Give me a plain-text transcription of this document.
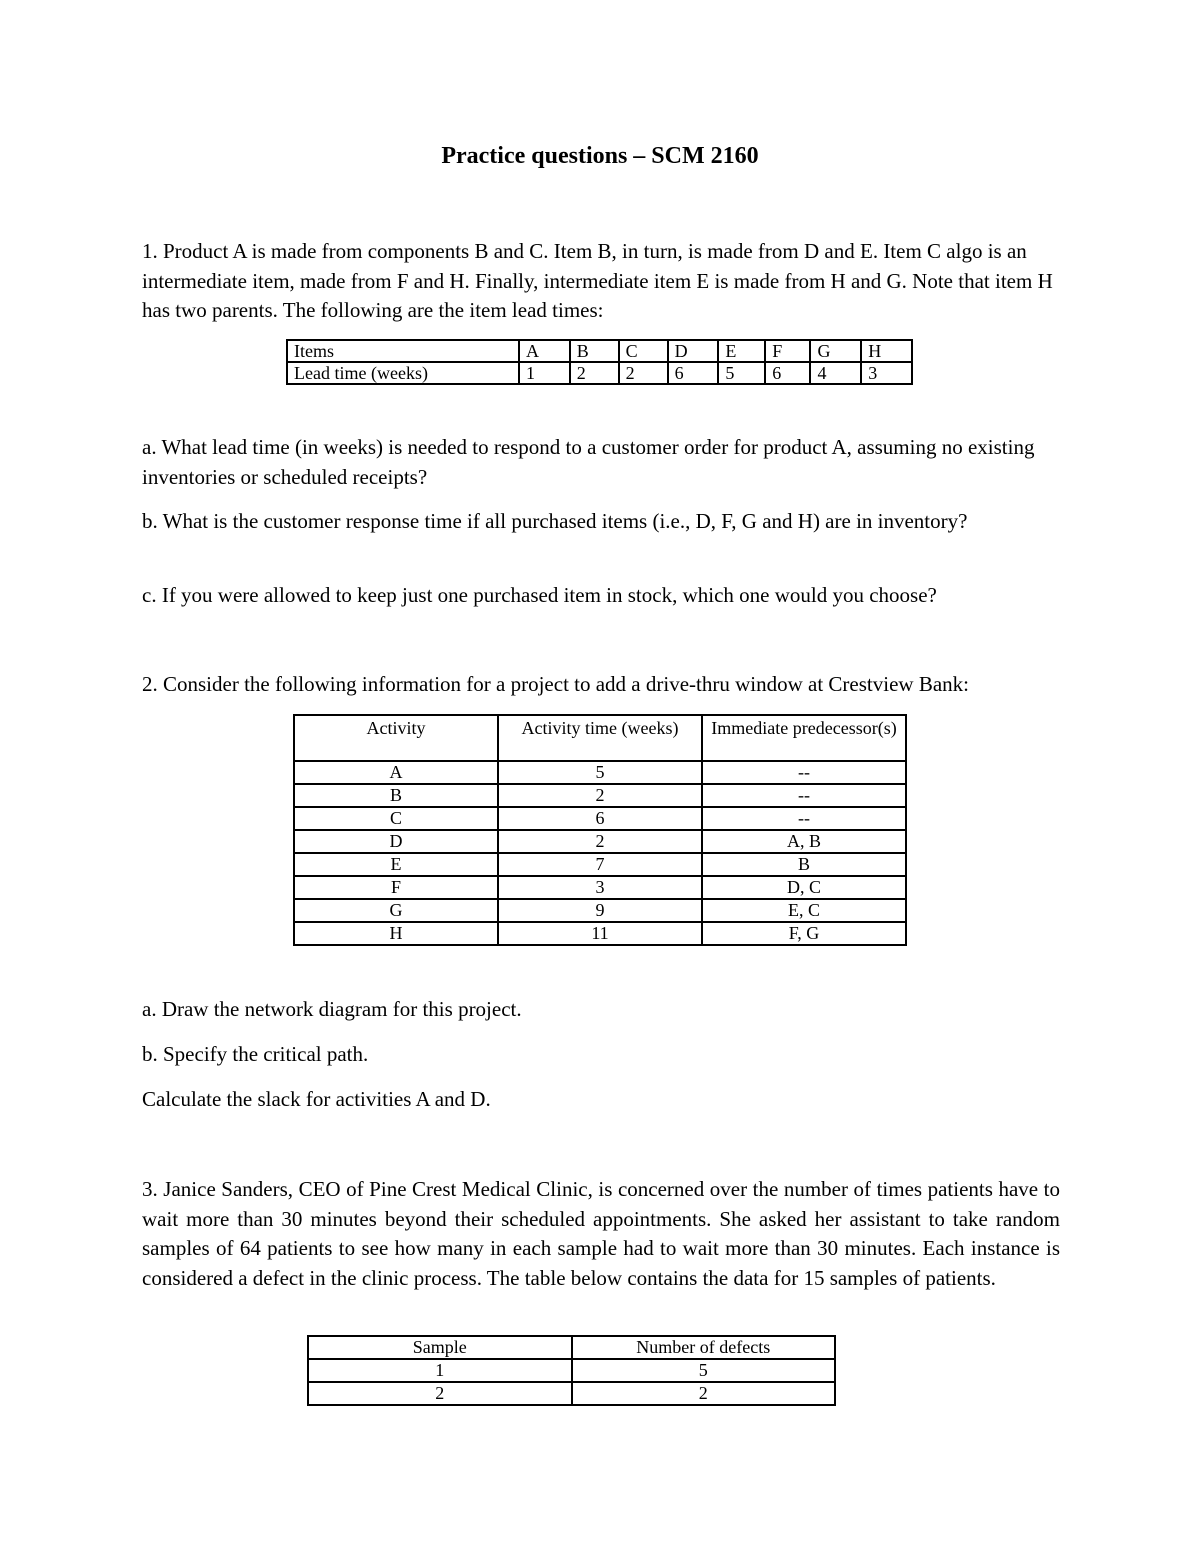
Practice questions – SCM 2160

1. Product A is made from components B and C. Item B, in turn, is made from D and E. Item C algo is an intermediate item, made from F and H. Finally, intermediate item E is made from H and G. Note that item H has two parents. The following are the item lead times:

Items	A	B	C	D	E	F	G	H
Lead time (weeks)	1	2	2	6	5	6	4	3

a. What lead time (in weeks) is needed to respond to a customer order for product A, assuming no existing inventories or scheduled receipts?

b. What is the customer response time if all purchased items (i.e., D, F, G and H) are in inventory?

c. If you were allowed to keep just one purchased item in stock, which one would you choose?

2. Consider the following information for a project to add a drive-thru window at Crestview Bank:

Activity	Activity time (weeks)	Immediate predecessor(s)
A	5	--
B	2	--
C	6	--
D	2	A, B
E	7	B
F	3	D, C
G	9	E, C
H	11	F, G

a. Draw the network diagram for this project.

b. Specify the critical path.

Calculate the slack for activities A and D.

3. Janice Sanders, CEO of Pine Crest Medical Clinic, is concerned over the number of times patients have to wait more than 30 minutes beyond their scheduled appointments. She asked her assistant to take random samples of 64 patients to see how many in each sample had to wait more than 30 minutes. Each instance is considered a defect in the clinic process. The table below contains the data for 15 samples of patients.

Sample	Number of defects
1	5
2	2
